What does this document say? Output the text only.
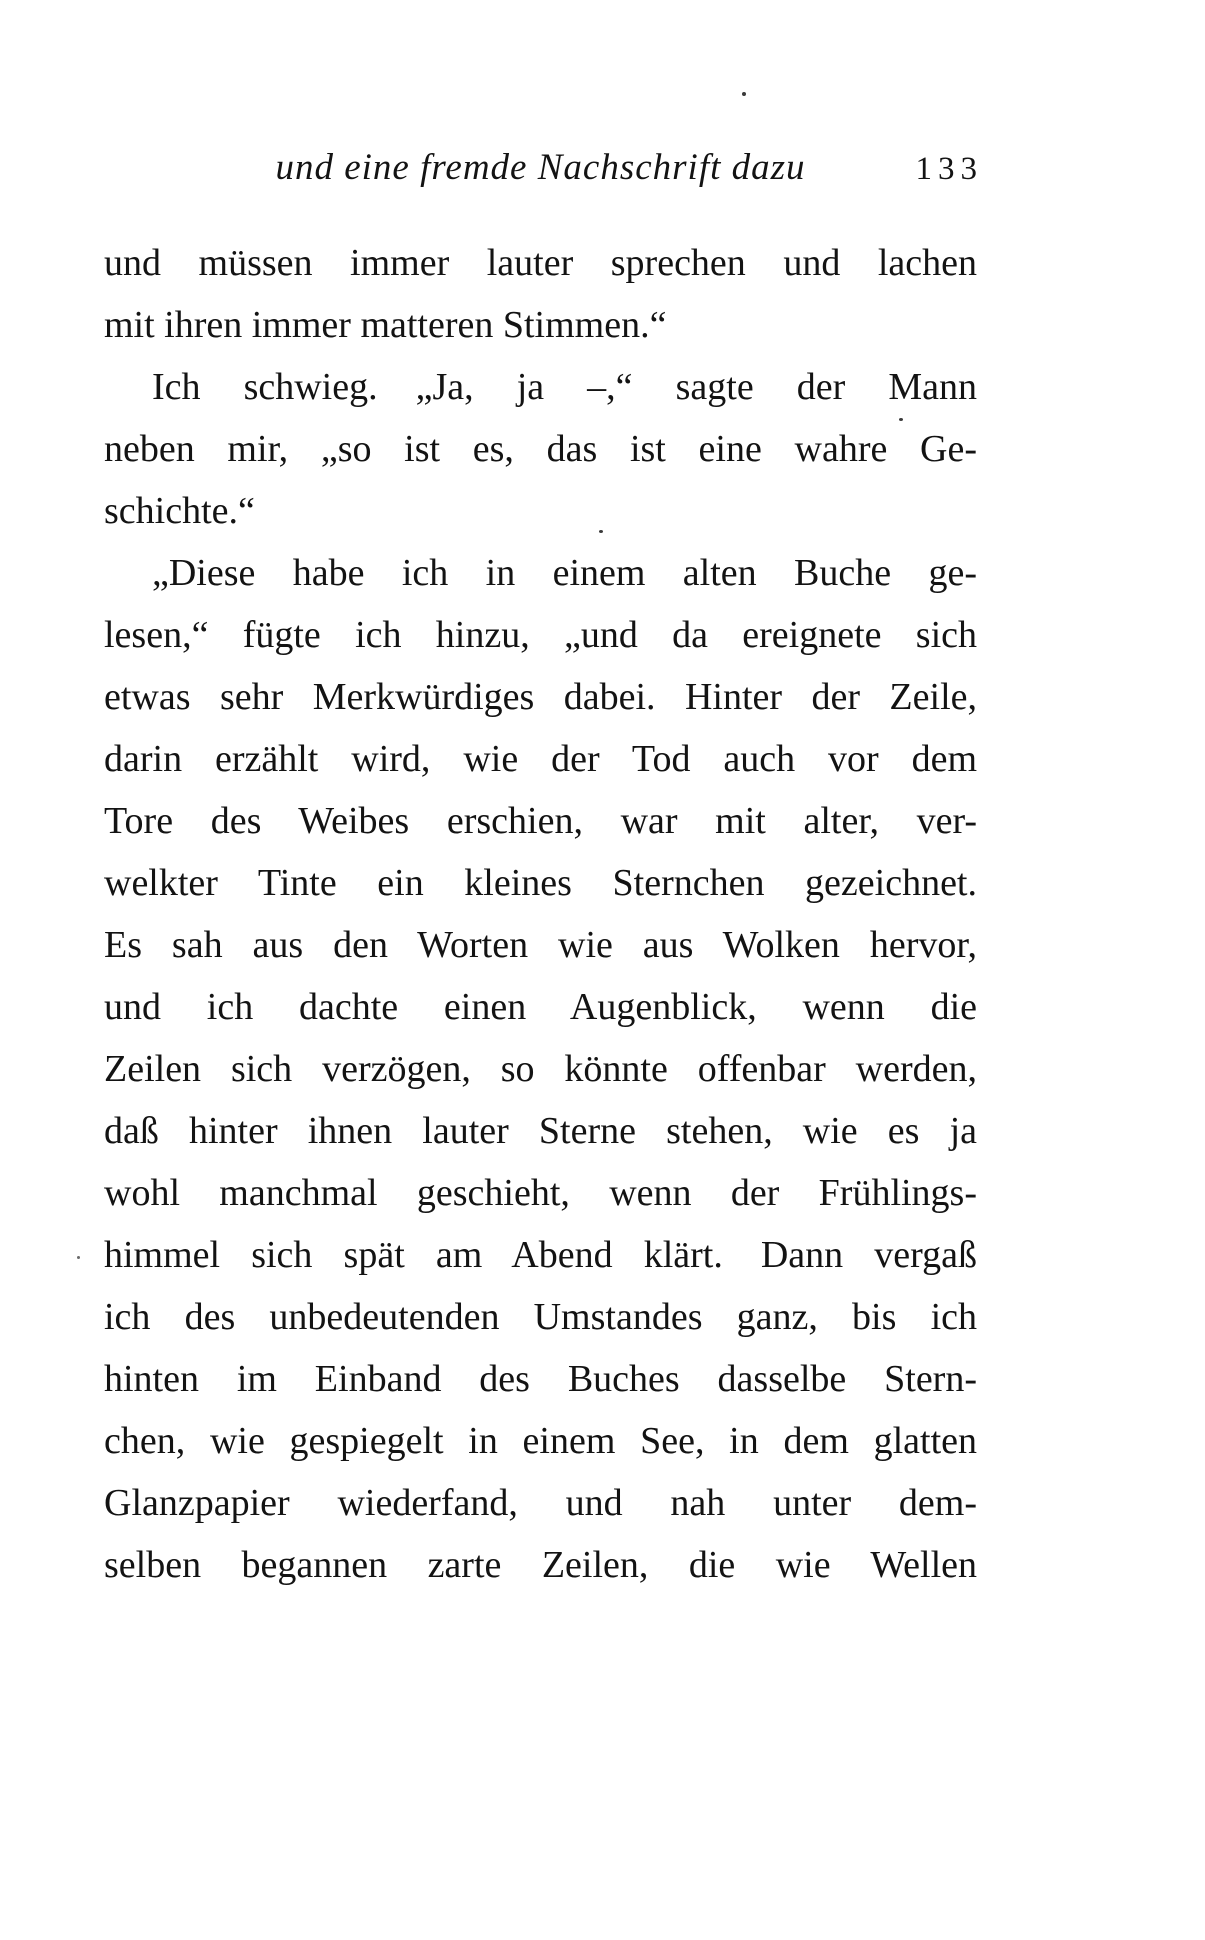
und eine fremde Nachschrift dazu	133
und müssen immer lauter sprechen und lachen
mit ihren immer matteren Stimmen.“
Ich schwieg. „Ja, ja –,“ sagte der Mann
neben mir, „so ist es, das ist eine wahre Ge-
schichte.“
„Diese habe ich in einem alten Buche ge-
lesen,“ fügte ich hinzu, „und da ereignete sich
etwas sehr Merkwürdiges dabei. Hinter der Zeile,
darin erzählt wird, wie der Tod auch vor dem
Tore des Weibes erschien, war mit alter, ver-
welkter Tinte ein kleines Sternchen gezeichnet.
Es sah aus den Worten wie aus Wolken hervor,
und ich dachte einen Augenblick, wenn die
Zeilen sich verzögen, so könnte offenbar werden,
daß hinter ihnen lauter Sterne stehen, wie es ja
wohl manchmal geschieht, wenn der Frühlings-
himmel sich spät am Abend klärt. Dann vergaß
ich des unbedeutenden Umstandes ganz, bis ich
hinten im Einband des Buches dasselbe Stern-
chen, wie gespiegelt in einem See, in dem glatten
Glanzpapier wiederfand, und nah unter dem-
selben begannen zarte Zeilen, die wie Wellen
